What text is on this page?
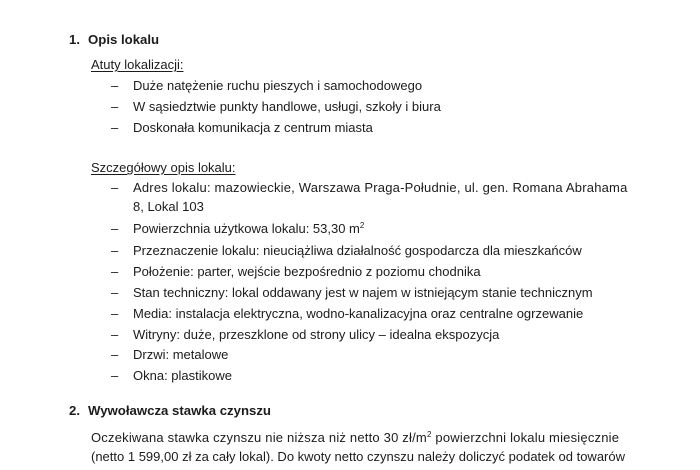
1. Opis lokalu
Atuty lokalizacji:
– Duże natężenie ruchu pieszych i samochodowego
– W sąsiedztwie punkty handlowe, usługi, szkoły i biura
– Doskonała komunikacja z centrum miasta
Szczegółowy opis lokalu:
– Adres lokalu: mazowieckie, Warszawa Praga-Południe, ul. gen. Romana Abrahama
8, Lokal 103
– Powierzchnia użytkowa lokalu: 53,30 $m^2$
– Przeznaczenie lokalu: nieuciążliwa działalność gospodarcza dla mieszkańców
– Położenie: parter, wejście bezpośrednio z poziomu chodnika
– Stan techniczny: lokal oddawany jest w najem w istniejącym stanie technicznym
– Media: instalacja elektryczna, wodno-kanalizacyjna oraz centralne ogrzewanie
– Witryny: duże, przeszklone od strony ulicy – idealna ekspozycja
– Drzwi: metalowe
– Okna: plastikowe
2. Wywoławcza stawka czynszu
Oczekiwana stawka czynszu nie niższa niż netto 30 $zł/m^2$ powierzchni lokalu miesięcznie
(netto 1 599,00 zł za cały lokal). Do kwoty netto czynszu należy doliczyć podatek od towarów
